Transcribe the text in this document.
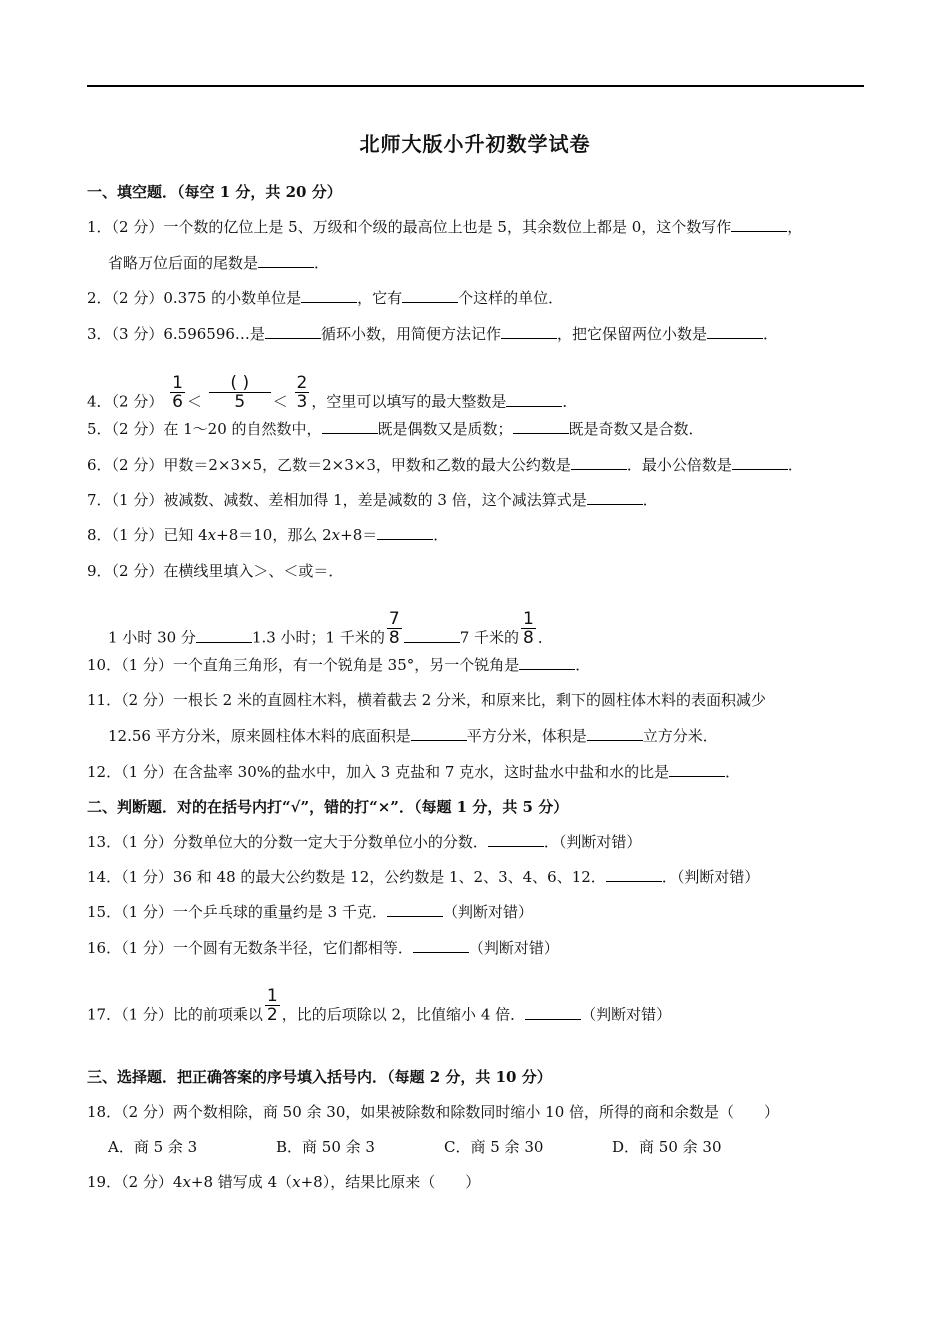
北师大版小升初数学试卷
一、填空题．（每空 1 分，共 20 分）
1．（2 分）一个数的亿位上是 5、万级和个级的最高位上也是 5，其余数位上都是 0，这个数写作	，
省略万位后面的尾数是	．
2．（2 分）0.375 的小数单位是	，它有	个这样的单位．
3．（3 分）6.596596…是	循环小数，用简便方法记作	，把它保留两位小数是	．
4．（2 分） $\frac{1}{6} < \frac{( )}{5} < \frac{2}{3}$ ，空里可以填写的最大整数是	．
5．（2 分）在 1～20 的自然数中，	既是偶数又是质数；	既是奇数又是合数．
6．（2 分）甲数＝2×3×5，乙数＝2×3×3，甲数和乙数的最大公约数是	．最小公倍数是	．
7．（1 分）被减数、减数、差相加得 1，差是减数的 3 倍，这个减法算式是	．
8．（1 分）已知 4x+8＝10，那么 2x+8＝	．
9．（2 分）在横线里填入＞、＜或＝．
1 小时 30 分	1.3 小时；1 千米的 $\frac{7}{8}$	7 千米的 $\frac{1}{8}$ ．
10．（1 分）一个直角三角形，有一个锐角是 35°，另一个锐角是	．
11．（2 分）一根长 2 米的直圆柱木料，横着截去 2 分米，和原来比，剩下的圆柱体木料的表面积减少
12.56 平方分米，原来圆柱体木料的底面积是	平方分米，体积是	立方分米．
12．（1 分）在含盐率 30%的盐水中，加入 3 克盐和 7 克水，这时盐水中盐和水的比是	．
二、判断题．对的在括号内打“√”，错的打“×”．（每题 1 分，共 5 分）
13．（1 分）分数单位大的分数一定大于分数单位小的分数．	．（判断对错）
14．（1 分）36 和 48 的最大公约数是 12，公约数是 1、2、3、4、6、12．	．（判断对错）
15．（1 分）一个乒乓球的重量约是 3 千克．	（判断对错）
16．（1 分）一个圆有无数条半径，它们都相等．	（判断对错）
17．（1 分）比的前项乘以 $\frac{1}{2}$ ，比的后项除以 2，比值缩小 4 倍．	（判断对错）
三、选择题．把正确答案的序号填入括号内．（每题 2 分，共 10 分）
18．（2 分）两个数相除，商 50 余 30，如果被除数和除数同时缩小 10 倍，所得的商和余数是（　　）
A．商 5 余 3	B．商 50 余 3	C．商 5 余 30	D．商 50 余 30
19．（2 分）4x+8 错写成 4（x+8），结果比原来（　　）
